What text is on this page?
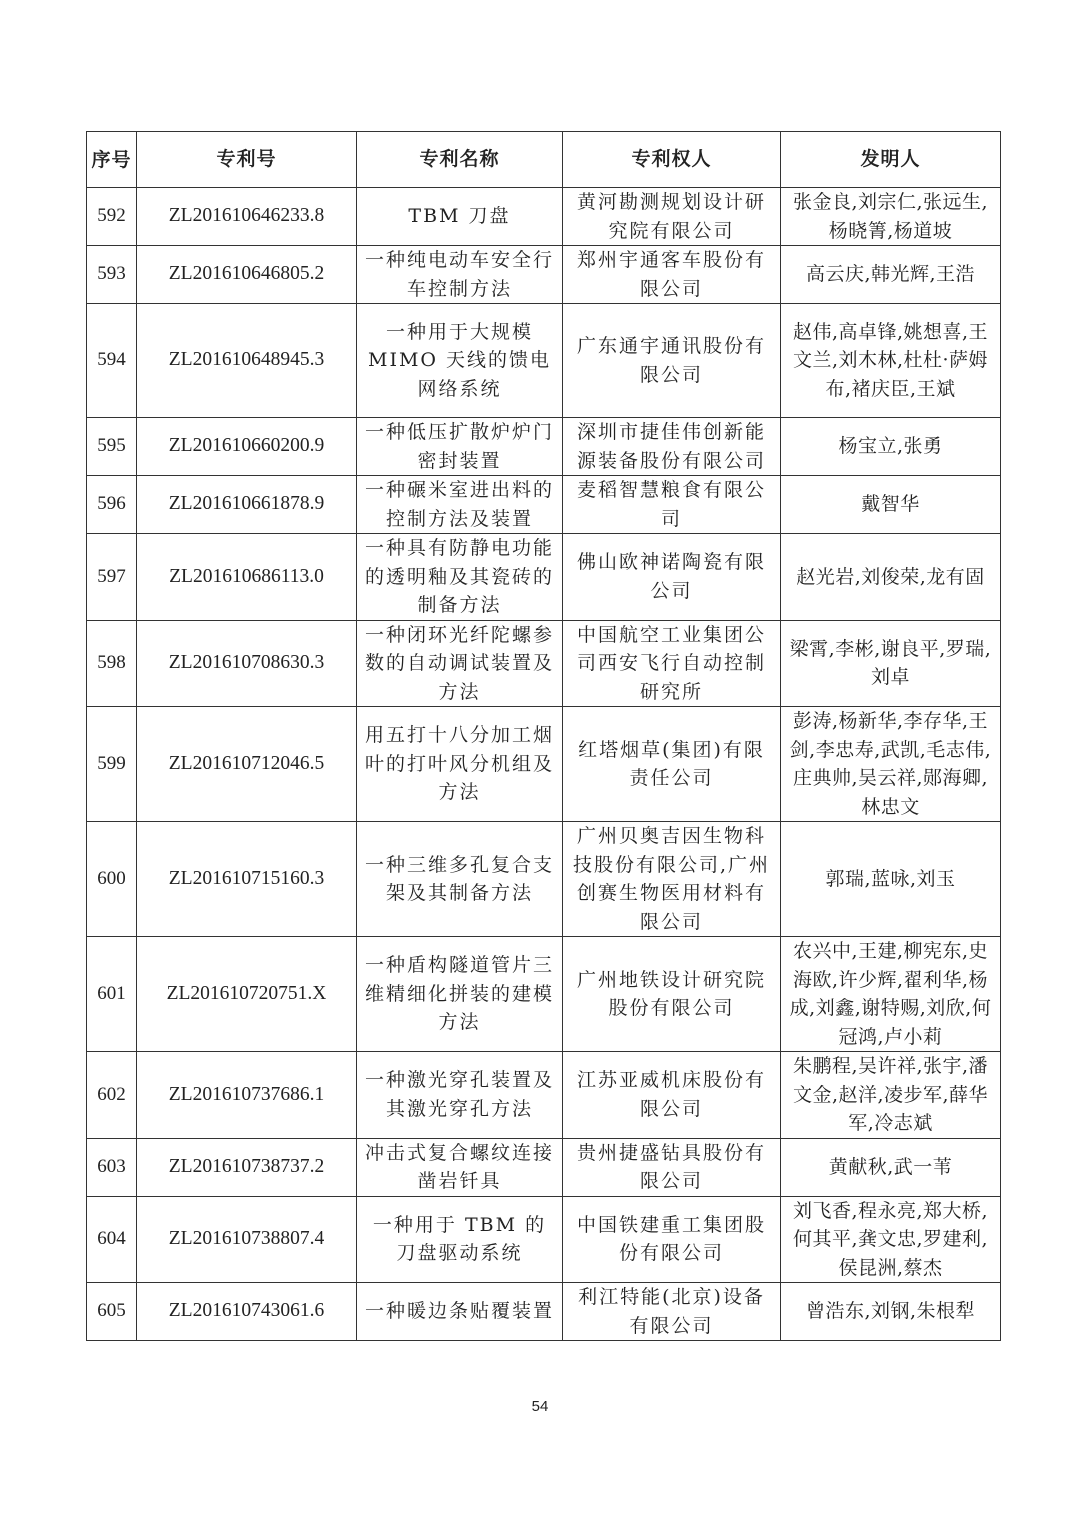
序号	专利号	专利名称	专利权人	发明人
592	ZL201610646233.8	TBM 刀盘	黄河勘测规划设计研究院有限公司	张金良,刘宗仁,张远生,杨晓箐,杨道坡
593	ZL201610646805.2	一种纯电动车安全行车控制方法	郑州宇通客车股份有限公司	高云庆,韩光辉,王浩
594	ZL201610648945.3	一种用于大规模 MIMO 天线的馈电网络系统	广东通宇通讯股份有限公司	赵伟,高卓锋,姚想喜,王文兰,刘木林,杜杜·萨姆布,褚庆臣,王斌
595	ZL201610660200.9	一种低压扩散炉炉门密封装置	深圳市捷佳伟创新能源装备股份有限公司	杨宝立,张勇
596	ZL201610661878.9	一种碾米室进出料的控制方法及装置	麦稻智慧粮食有限公司	戴智华
597	ZL201610686113.0	一种具有防静电功能的透明釉及其瓷砖的制备方法	佛山欧神诺陶瓷有限公司	赵光岩,刘俊荣,龙有固
598	ZL201610708630.3	一种闭环光纤陀螺参数的自动调试装置及方法	中国航空工业集团公司西安飞行自动控制研究所	梁霄,李彬,谢良平,罗瑞,刘卓
599	ZL201610712046.5	用五打十八分加工烟叶的打叶风分机组及方法	红塔烟草(集团)有限责任公司	彭涛,杨新华,李存华,王剑,李忠寿,武凯,毛志伟,庄典帅,吴云祥,郧海卿,林忠文
600	ZL201610715160.3	一种三维多孔复合支架及其制备方法	广州贝奥吉因生物科技股份有限公司,广州创赛生物医用材料有限公司	郭瑞,蓝咏,刘玉
601	ZL201610720751.X	一种盾构隧道管片三维精细化拼装的建模方法	广州地铁设计研究院股份有限公司	农兴中,王建,柳宪东,史海欧,许少辉,翟利华,杨成,刘鑫,谢特赐,刘欣,何冠鸿,卢小莉
602	ZL201610737686.1	一种激光穿孔装置及其激光穿孔方法	江苏亚威机床股份有限公司	朱鹏程,吴许祥,张宇,潘文金,赵洋,凌步军,薛华军,冷志斌
603	ZL201610738737.2	冲击式复合螺纹连接凿岩钎具	贵州捷盛钻具股份有限公司	黄献秋,武一苇
604	ZL201610738807.4	一种用于 TBM 的刀盘驱动系统	中国铁建重工集团股份有限公司	刘飞香,程永亮,郑大桥,何其平,龚文忠,罗建利,侯昆洲,蔡杰
605	ZL201610743061.6	一种暖边条贴覆装置	利江特能(北京)设备有限公司	曾浩东,刘钢,朱根犁
54
